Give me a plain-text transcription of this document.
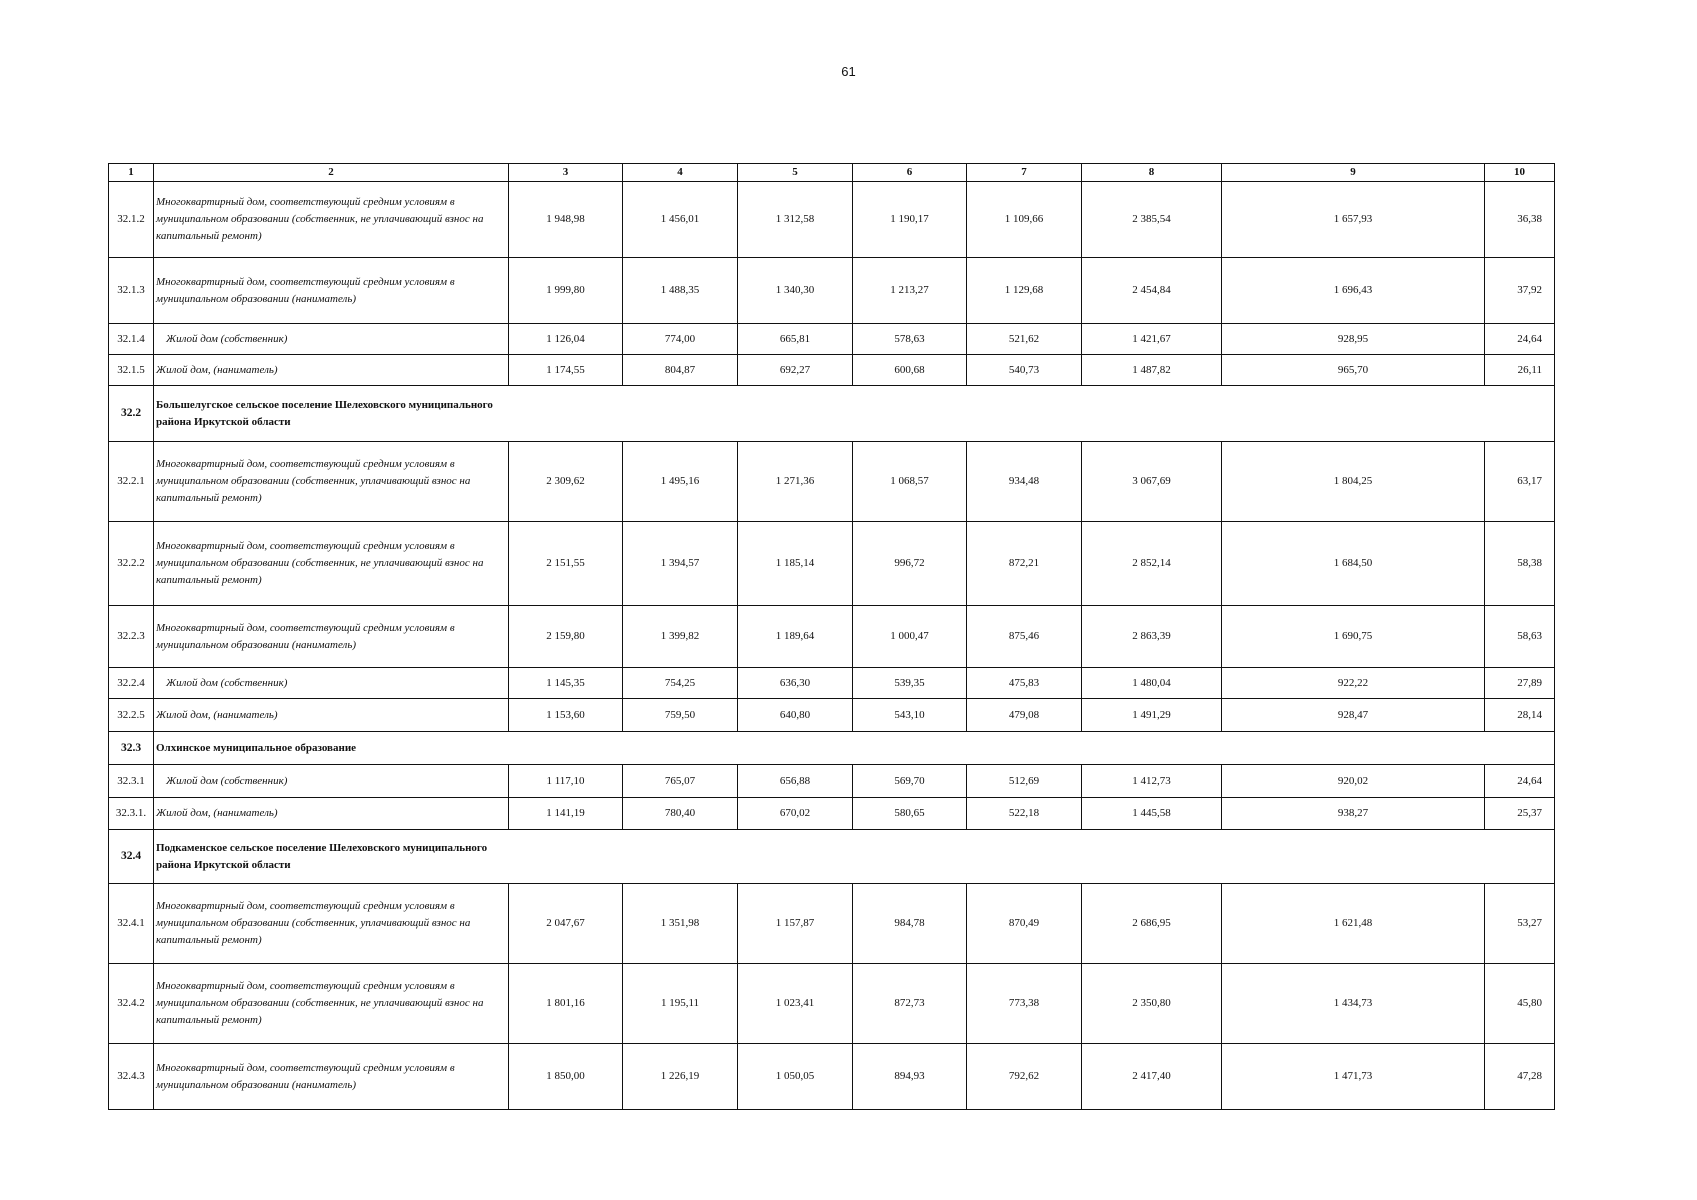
61
1	2	3	4	5	6	7	8	9	10
32.1.2	Многоквартирный дом, соответствующий средним условиям в муниципальном образовании (собственник, не уплачивающий взнос на капитальный ремонт)	1 948,98	1 456,01	1 312,58	1 190,17	1 109,66	2 385,54	1 657,93	36,38
32.1.3	Многоквартирный дом, соответствующий средним условиям в муниципальном образовании (наниматель)	1 999,80	1 488,35	1 340,30	1 213,27	1 129,68	2 454,84	1 696,43	37,92
32.1.4	Жилой дом (собственник)	1 126,04	774,00	665,81	578,63	521,62	1 421,67	928,95	24,64
32.1.5	Жилой дом, (наниматель)	1 174,55	804,87	692,27	600,68	540,73	1 487,82	965,70	26,11
32.2	Большелугское сельское поселение Шелеховского муниципального района Иркутской области								
32.2.1	Многоквартирный дом, соответствующий средним условиям в муниципальном образовании (собственник, уплачивающий взнос на капитальный ремонт)	2 309,62	1 495,16	1 271,36	1 068,57	934,48	3 067,69	1 804,25	63,17
32.2.2	Многоквартирный дом, соответствующий средним условиям в муниципальном образовании (собственник, не уплачивающий взнос на капитальный ремонт)	2 151,55	1 394,57	1 185,14	996,72	872,21	2 852,14	1 684,50	58,38
32.2.3	Многоквартирный дом, соответствующий средним условиям в муниципальном образовании (наниматель)	2 159,80	1 399,82	1 189,64	1 000,47	875,46	2 863,39	1 690,75	58,63
32.2.4	Жилой дом (собственник)	1 145,35	754,25	636,30	539,35	475,83	1 480,04	922,22	27,89
32.2.5	Жилой дом, (наниматель)	1 153,60	759,50	640,80	543,10	479,08	1 491,29	928,47	28,14
32.3	Олхинское муниципальное образование								
32.3.1	Жилой дом (собственник)	1 117,10	765,07	656,88	569,70	512,69	1 412,73	920,02	24,64
32.3.1.	Жилой дом, (наниматель)	1 141,19	780,40	670,02	580,65	522,18	1 445,58	938,27	25,37
32.4	Подкаменское сельское поселение Шелеховского муниципального района Иркутской области								
32.4.1	Многоквартирный дом, соответствующий средним условиям в муниципальном образовании (собственник, уплачивающий взнос на капитальный ремонт)	2 047,67	1 351,98	1 157,87	984,78	870,49	2 686,95	1 621,48	53,27
32.4.2	Многоквартирный дом, соответствующий средним условиям в муниципальном образовании (собственник, не уплачивающий взнос на капитальный ремонт)	1 801,16	1 195,11	1 023,41	872,73	773,38	2 350,80	1 434,73	45,80
32.4.3	Многоквартирный дом, соответствующий средним условиям в муниципальном образовании (наниматель)	1 850,00	1 226,19	1 050,05	894,93	792,62	2 417,40	1 471,73	47,28
